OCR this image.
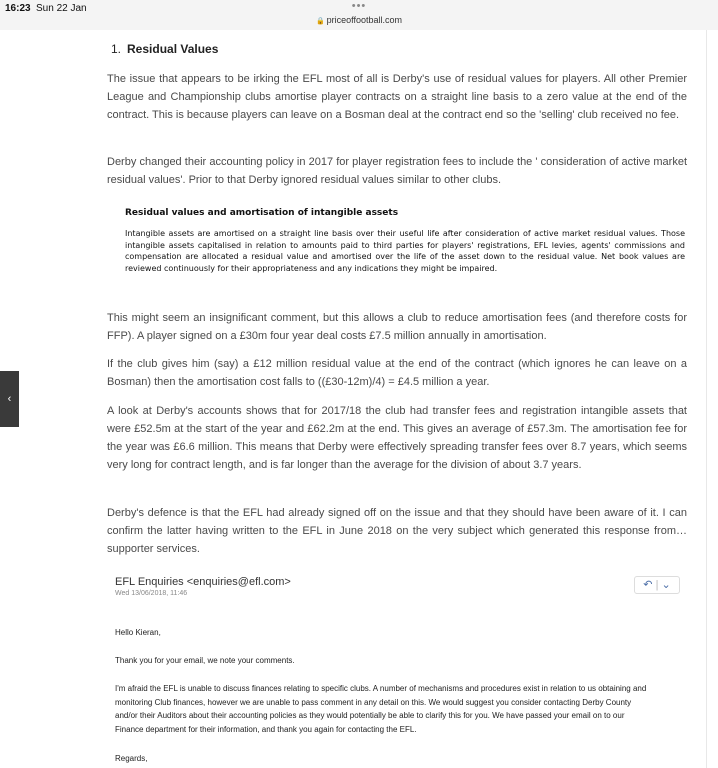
16:23 Sun 22 Jan	•••
🔒 priceoffootball.com
‹
1. Residual Values

The issue that appears to be irking the EFL most of all is Derby's use of residual values for players. All other Premier League and Championship clubs amortise player contracts on a straight line basis to a zero value at the end of the contract. This is because players can leave on a Bosman deal at the contract end so the 'selling' club received no fee.

Derby changed their accounting policy in 2017 for player registration fees to include the ' consideration of active market residual values'. Prior to that Derby ignored residual values similar to other clubs.

Residual values and amortisation of intangible assets
Intangible assets are amortised on a straight line basis over their useful life after consideration of active market residual values. Those intangible assets capitalised in relation to amounts paid to third parties for players' registrations, EFL levies, agents' commissions and compensation are allocated a residual value and amortised over the life of the asset down to the residual value. Net book values are reviewed continuously for their appropriateness and any indications they might be impaired.

This might seem an insignificant comment, but this allows a club to reduce amortisation fees (and therefore costs for FFP). A player signed on a £30m four year deal costs £7.5 million annually in amortisation.

If the club gives him (say) a £12 million residual value at the end of the contract (which ignores he can leave on a Bosman) then the amortisation cost falls to ((£30-12m)/4) = £4.5 million a year.

A look at Derby's accounts shows that for 2017/18 the club had transfer fees and registration intangible assets that were £52.5m at the start of the year and £62.2m at the end. This gives an average of £57.3m. The amortisation fee for the year was £6.6 million. This means that Derby were effectively spreading transfer fees over 8.7 years, which seems very long for contract length, and is far longer than the average for the division of about 3.7 years.

Derby's defence is that the EFL had already signed off on the issue and that they should have been aware of it. I can confirm the latter having written to the EFL in June 2018 on the very subject which generated this response from…supporter services.

EFL Enquiries <enquiries@efl.com>
Wed 13/06/2018, 11:46
↶ | ⌄
Hello Kieran,
Thank you for your email, we note your comments.
I'm afraid the EFL is unable to discuss finances relating to specific clubs. A number of mechanisms and procedures exist in relation to us obtaining and monitoring Club finances, however we are unable to pass comment in any detail on this. We would suggest you consider contacting Derby County and/or their Auditors about their accounting policies as they would potentially be able to clarify this for you. We have passed your email on to our Finance department for their information, and thank you again for contacting the EFL.
Regards,
